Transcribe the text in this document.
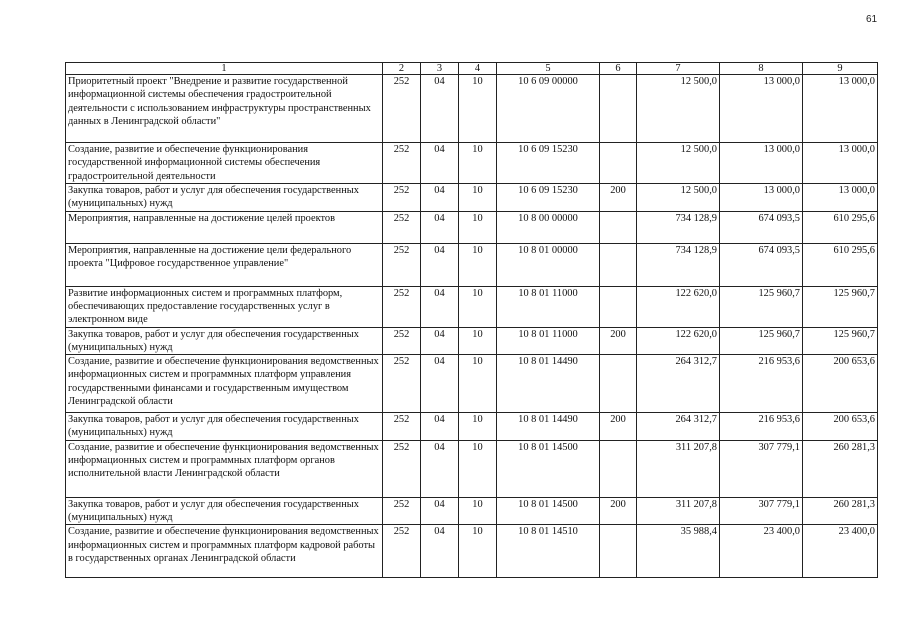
61
1	2	3	4	5	6	7	8	9
Приоритетный проект "Внедрение и развитие государственной информационной системы обеспечения градостроительной деятельности с использованием инфраструктуры пространственных данных в Ленинградской области"	252	04	10	10 6 09 00000		12 500,0	13 000,0	13 000,0
Создание, развитие и обеспечение функционирования государственной информационной системы обеспечения градостроительной деятельности	252	04	10	10 6 09 15230		12 500,0	13 000,0	13 000,0
Закупка товаров, работ и услуг для обеспечения государственных (муниципальных) нужд	252	04	10	10 6 09 15230	200	12 500,0	13 000,0	13 000,0
Мероприятия, направленные на достижение целей проектов	252	04	10	10 8 00 00000		734 128,9	674 093,5	610 295,6
Мероприятия, направленные на достижение цели федерального проекта "Цифровое государственное управление"	252	04	10	10 8 01 00000		734 128,9	674 093,5	610 295,6
Развитие информационных систем и программных платформ, обеспечивающих предоставление государственных услуг в электронном виде	252	04	10	10 8 01 11000		122 620,0	125 960,7	125 960,7
Закупка товаров, работ и услуг для обеспечения государственных (муниципальных) нужд	252	04	10	10 8 01 11000	200	122 620,0	125 960,7	125 960,7
Создание, развитие и обеспечение функционирования ведомственных информационных систем и программных платформ управления государственными финансами и государственным имуществом Ленинградской области	252	04	10	10 8 01 14490		264 312,7	216 953,6	200 653,6
Закупка товаров, работ и услуг для обеспечения государственных (муниципальных) нужд	252	04	10	10 8 01 14490	200	264 312,7	216 953,6	200 653,6
Создание, развитие и обеспечение функционирования ведомственных информационных систем и программных платформ органов исполнительной власти Ленинградской области	252	04	10	10 8 01 14500		311 207,8	307 779,1	260 281,3
Закупка товаров, работ и услуг для обеспечения государственных (муниципальных) нужд	252	04	10	10 8 01 14500	200	311 207,8	307 779,1	260 281,3
Создание, развитие и обеспечение функционирования ведомственных информационных систем и программных платформ кадровой работы в государственных органах Ленинградской области	252	04	10	10 8 01 14510		35 988,4	23 400,0	23 400,0
